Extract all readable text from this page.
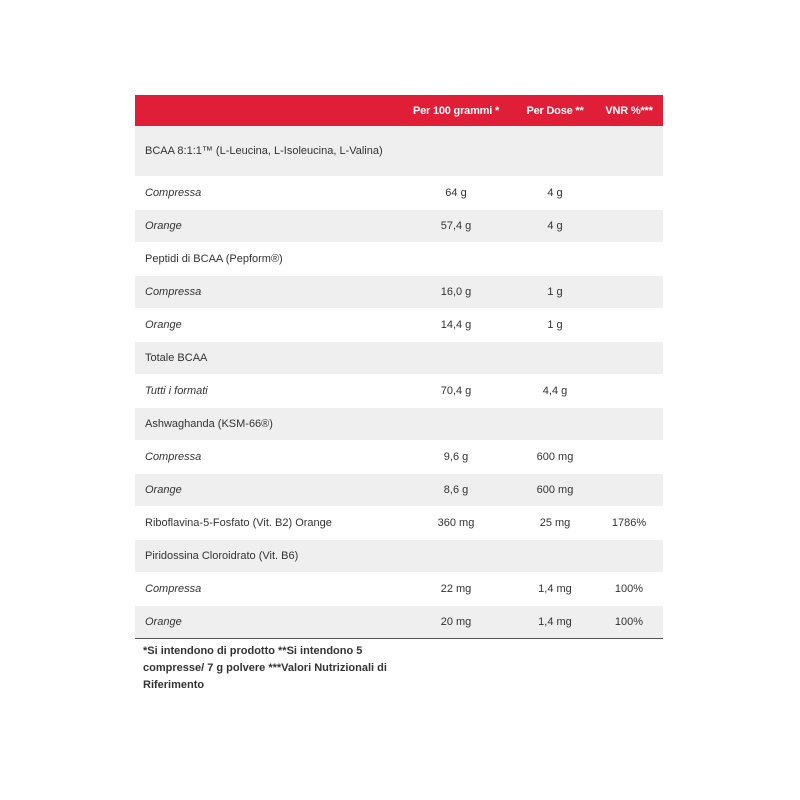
	Per 100 grammi *	Per Dose **	VNR %***
BCAA 8:1:1™ (L-Leucina, L-Isoleucina, L-Valina)			
Compressa	64 g	4 g	
Orange	57,4 g	4 g	
Peptidi di BCAA (Pepform®)			
Compressa	16,0 g	1 g	
Orange	14,4 g	1 g	
Totale BCAA			
Tutti i formati	70,4 g	4,4 g	
Ashwaghanda (KSM-66®)			
Compressa	9,6 g	600 mg	
Orange	8,6 g	600 mg	
Riboflavina-5-Fosfato (Vit. B2) Orange	360 mg	25 mg	1786%
Piridossina Cloroidrato (Vit. B6)			
Compressa	22 mg	1,4 mg	100%
Orange	20 mg	1,4 mg	100%
*Si intendono di prodotto **Si intendono 5 compresse/ 7 g polvere ***Valori Nutrizionali di Riferimento
